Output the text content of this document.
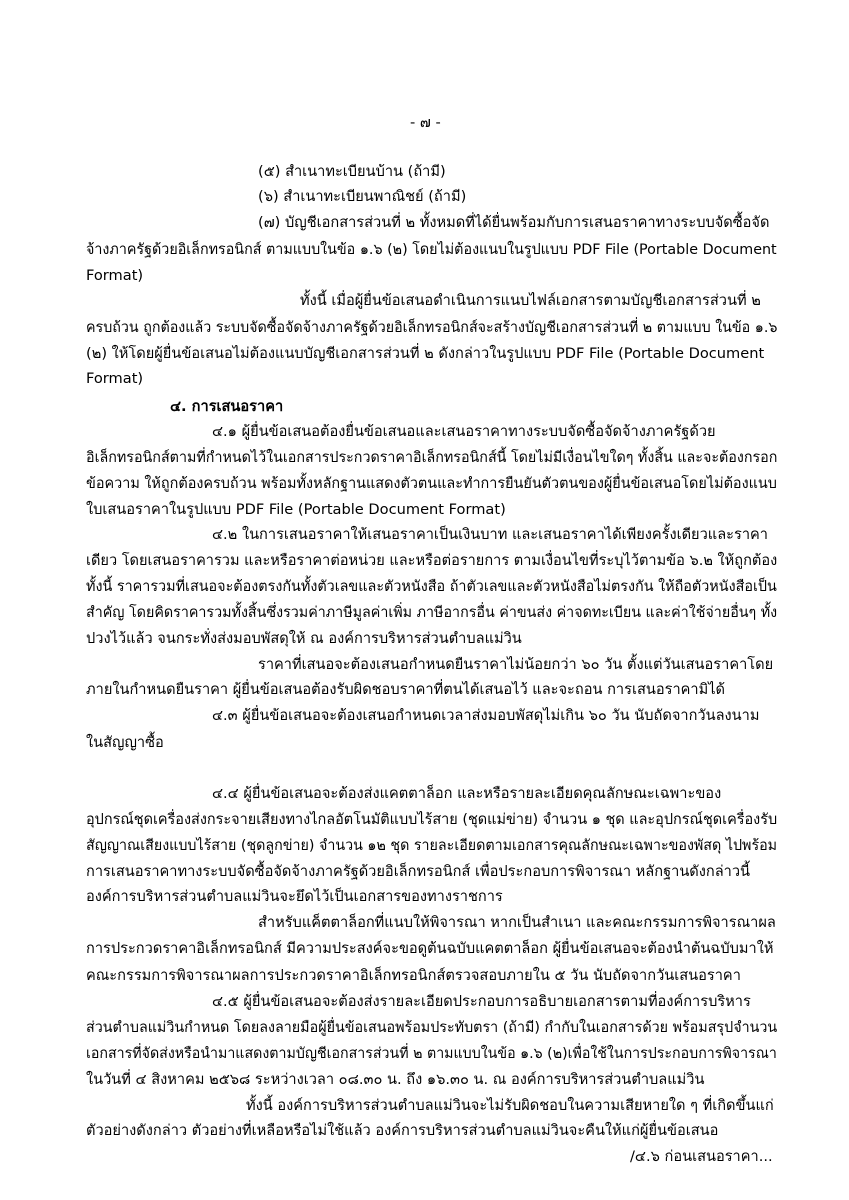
- ๗ -
(๕) สำเนาทะเบียนบ้าน (ถ้ามี)
(๖) สำเนาทะเบียนพาณิชย์ (ถ้ามี)
(๗) บัญชีเอกสารส่วนที่ ๒ ทั้งหมดที่ได้ยื่นพร้อมกับการเสนอราคาทางระบบจัดซื้อจัด
จ้างภาครัฐด้วยอิเล็กทรอนิกส์ ตามแบบในข้อ ๑.๖ (๒) โดยไม่ต้องแนบในรูปแบบ PDF File (Portable Document
Format)
ทั้งนี้ เมื่อผู้ยื่นข้อเสนอดำเนินการแนบไฟล์เอกสารตามบัญชีเอกสารส่วนที่ ๒
ครบถ้วน ถูกต้องแล้ว ระบบจัดซื้อจัดจ้างภาครัฐด้วยอิเล็กทรอนิกส์จะสร้างบัญชีเอกสารส่วนที่ ๒ ตามแบบ ในข้อ ๑.๖
(๒) ให้โดยผู้ยื่นข้อเสนอไม่ต้องแนบบัญชีเอกสารส่วนที่ ๒ ดังกล่าวในรูปแบบ PDF File (Portable Document
Format)
๔. การเสนอราคา
๔.๑ ผู้ยื่นข้อเสนอต้องยื่นข้อเสนอและเสนอราคาทางระบบจัดซื้อจัดจ้างภาครัฐด้วย
อิเล็กทรอนิกส์ตามที่กำหนดไว้ในเอกสารประกวดราคาอิเล็กทรอนิกส์นี้ โดยไม่มีเงื่อนไขใดๆ ทั้งสิ้น และจะต้องกรอก
ข้อความ ให้ถูกต้องครบถ้วน พร้อมทั้งหลักฐานแสดงตัวตนและทำการยืนยันตัวตนของผู้ยื่นข้อเสนอโดยไม่ต้องแนบ
ใบเสนอราคาในรูปแบบ PDF File (Portable Document Format)
๔.๒ ในการเสนอราคาให้เสนอราคาเป็นเงินบาท และเสนอราคาได้เพียงครั้งเดียวและราคา
เดียว โดยเสนอราคารวม และหรือราคาต่อหน่วย และหรือต่อรายการ ตามเงื่อนไขที่ระบุไว้ตามข้อ ๖.๒ ให้ถูกต้อง
ทั้งนี้ ราคารวมที่เสนอจะต้องตรงกันทั้งตัวเลขและตัวหนังสือ ถ้าตัวเลขและตัวหนังสือไม่ตรงกัน ให้ถือตัวหนังสือเป็น
สำคัญ โดยคิดราคารวมทั้งสิ้นซึ่งรวมค่าภาษีมูลค่าเพิ่ม ภาษีอากรอื่น ค่าขนส่ง ค่าจดทะเบียน และค่าใช้จ่ายอื่นๆ ทั้ง
ปวงไว้แล้ว จนกระทั่งส่งมอบพัสดุให้ ณ องค์การบริหารส่วนตำบลแม่วิน
ราคาที่เสนอจะต้องเสนอกำหนดยืนราคาไม่น้อยกว่า ๖๐ วัน ตั้งแต่วันเสนอราคาโดย
ภายในกำหนดยืนราคา ผู้ยื่นข้อเสนอต้องรับผิดชอบราคาที่ตนได้เสนอไว้ และจะถอน การเสนอราคามิได้
๔.๓ ผู้ยื่นข้อเสนอจะต้องเสนอกำหนดเวลาส่งมอบพัสดุไม่เกิน ๖๐ วัน นับถัดจากวันลงนาม
ในสัญญาซื้อ
๔.๔ ผู้ยื่นข้อเสนอจะต้องส่งแคตตาล็อก และหรือรายละเอียดคุณลักษณะเฉพาะของ
อุปกรณ์ชุดเครื่องส่งกระจายเสียงทางไกลอัตโนมัติแบบไร้สาย (ชุดแม่ข่าย) จำนวน ๑ ชุด และอุปกรณ์ชุดเครื่องรับ
สัญญาณเสียงแบบไร้สาย (ชุดลูกข่าย) จำนวน ๑๒ ชุด รายละเอียดตามเอกสารคุณลักษณะเฉพาะของพัสดุ ไปพร้อม
การเสนอราคาทางระบบจัดซื้อจัดจ้างภาครัฐด้วยอิเล็กทรอนิกส์ เพื่อประกอบการพิจารณา หลักฐานดังกล่าวนี้
องค์การบริหารส่วนตำบลแม่วินจะยึดไว้เป็นเอกสารของทางราชการ
สำหรับแค็ตตาล็อกที่แนบให้พิจารณา หากเป็นสำเนา และคณะกรรมการพิจารณาผล
การประกวดราคาอิเล็กทรอนิกส์ มีความประสงค์จะขอดูต้นฉบับแคตตาล็อก ผู้ยื่นข้อเสนอจะต้องนำต้นฉบับมาให้
คณะกรรมการพิจารณาผลการประกวดราคาอิเล็กทรอนิกส์ตรวจสอบภายใน ๕ วัน นับถัดจากวันเสนอราคา
๔.๕ ผู้ยื่นข้อเสนอจะต้องส่งรายละเอียดประกอบการอธิบายเอกสารตามที่องค์การบริหาร
ส่วนตำบลแม่วินกำหนด โดยลงลายมือผู้ยื่นข้อเสนอพร้อมประทับตรา (ถ้ามี) กำกับในเอกสารด้วย พร้อมสรุปจำนวน
เอกสารที่จัดส่งหรือนำมาแสดงตามบัญชีเอกสารส่วนที่ ๒ ตามแบบในข้อ ๑.๖ (๒)เพื่อใช้ในการประกอบการพิจารณา
ในวันที่ ๔ สิงหาคม ๒๕๖๘ ระหว่างเวลา ๐๘.๓๐ น. ถึง ๑๖.๓๐ น. ณ องค์การบริหารส่วนตำบลแม่วิน
ทั้งนี้ องค์การบริหารส่วนตำบลแม่วินจะไม่รับผิดชอบในความเสียหายใด ๆ ที่เกิดขึ้นแก่
ตัวอย่างดังกล่าว ตัวอย่างที่เหลือหรือไม่ใช้แล้ว องค์การบริหารส่วนตำบลแม่วินจะคืนให้แก่ผู้ยื่นข้อเสนอ
/๔.๖ ก่อนเสนอราคา...
